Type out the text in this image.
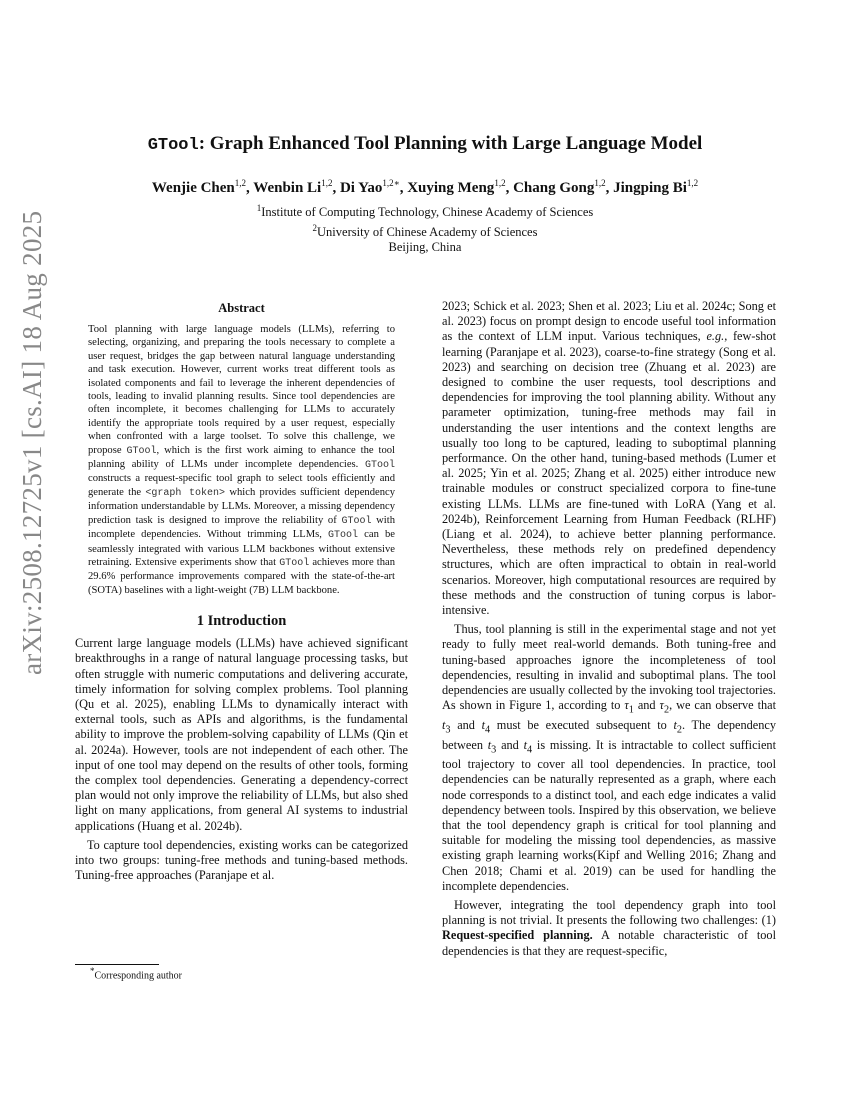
arXiv:2508.12725v1 [cs.AI] 18 Aug 2025
GTool: Graph Enhanced Tool Planning with Large Language Model
Wenjie Chen$^{1,2}$, Wenbin Li$^{1,2}$, Di Yao$^{1,2∗}$, Xuying Meng$^{1,2}$, Chang Gong$^{1,2}$, Jingping Bi$^{1,2}$
$^1$Institute of Computing Technology, Chinese Academy of Sciences
$^2$University of Chinese Academy of Sciences
Beijing, China
Abstract
Tool planning with large language models (LLMs), referring to selecting, organizing, and preparing the tools necessary to complete a user request, bridges the gap between natural language understanding and task execution. However, current works treat different tools as isolated components and fail to leverage the inherent dependencies of tools, leading to invalid planning results. Since tool dependencies are often incomplete, it becomes challenging for LLMs to accurately identify the appropriate tools required by a user request, especially when confronted with a large toolset. To solve this challenge, we propose GTool, which is the first work aiming to enhance the tool planning ability of LLMs under incomplete dependencies. GTool constructs a request-specific tool graph to select tools efficiently and generate the <graph token> which provides sufficient dependency information understandable by LLMs. Moreover, a missing dependency prediction task is designed to improve the reliability of GTool with incomplete dependencies. Without trimming LLMs, GTool can be seamlessly integrated with various LLM backbones without extensive retraining. Extensive experiments show that GTool achieves more than 29.6% performance improvements compared with the state-of-the-art (SOTA) baselines with a light-weight (7B) LLM backbone.
1 Introduction

Current large language models (LLMs) have achieved significant breakthroughs in a range of natural language processing tasks, but often struggle with numeric computations and delivering accurate, timely information for solving complex problems. Tool planning (Qu et al. 2025), enabling LLMs to dynamically interact with external tools, such as APIs and algorithms, is the fundamental ability to improve the problem-solving capability of LLMs (Qin et al. 2024a). However, tools are not independent of each other. The input of one tool may depend on the results of other tools, forming the complex tool dependencies. Generating a dependency-correct plan would not only improve the reliability of LLMs, but also shed light on many applications, from general AI systems to industrial applications (Huang et al. 2024b).

To capture tool dependencies, existing works can be categorized into two groups: tuning-free methods and tuning-based methods. Tuning-free approaches (Paranjape et al.

*Corresponding author

2023; Schick et al. 2023; Shen et al. 2023; Liu et al. 2024c; Song et al. 2023) focus on prompt design to encode useful tool information as the context of LLM input. Various techniques, e.g., few-shot learning (Paranjape et al. 2023), coarse-to-fine strategy (Song et al. 2023) and searching on decision tree (Zhuang et al. 2023) are designed to combine the user requests, tool descriptions and dependencies for improving the tool planning ability. Without any parameter optimization, tuning-free methods may fail in understanding the user intentions and the context lengths are usually too long to be captured, leading to suboptimal planning performance. On the other hand, tuning-based methods (Lumer et al. 2025; Yin et al. 2025; Zhang et al. 2025) either introduce new trainable modules or construct specialized corpora to fine-tune existing LLMs. LLMs are fine-tuned with LoRA (Yang et al. 2024b), Reinforcement Learning from Human Feedback (RLHF) (Liang et al. 2024), to achieve better planning performance. Nevertheless, these methods rely on predefined dependency structures, which are often impractical to obtain in real-world scenarios. Moreover, high computational resources are required by these methods and the construction of tuning corpus is labor-intensive.

Thus, tool planning is still in the experimental stage and not yet ready to fully meet real-world demands. Both tuning-free and tuning-based approaches ignore the incompleteness of tool dependencies, resulting in invalid and suboptimal plans. The tool dependencies are usually collected by the invoking tool trajectories. As shown in Figure 1, according to $\tau_1$ and $\tau_2$, we can observe that $t_3$ and $t_4$ must be executed subsequent to $t_2$. The dependency between $t_3$ and $t_4$ is missing. It is intractable to collect sufficient tool trajectory to cover all tool dependencies. In practice, tool dependencies can be naturally represented as a graph, where each node corresponds to a distinct tool, and each edge indicates a valid dependency between tools. Inspired by this observation, we believe that the tool dependency graph is critical for tool planning and suitable for modeling the missing tool dependencies, as massive existing graph learning works(Kipf and Welling 2016; Zhang and Chen 2018; Chami et al. 2019) can be used for handling the incomplete dependencies.

However, integrating the tool dependency graph into tool planning is not trivial. It presents the following two challenges: (1) Request-specified planning. A notable characteristic of tool dependencies is that they are request-specific,
